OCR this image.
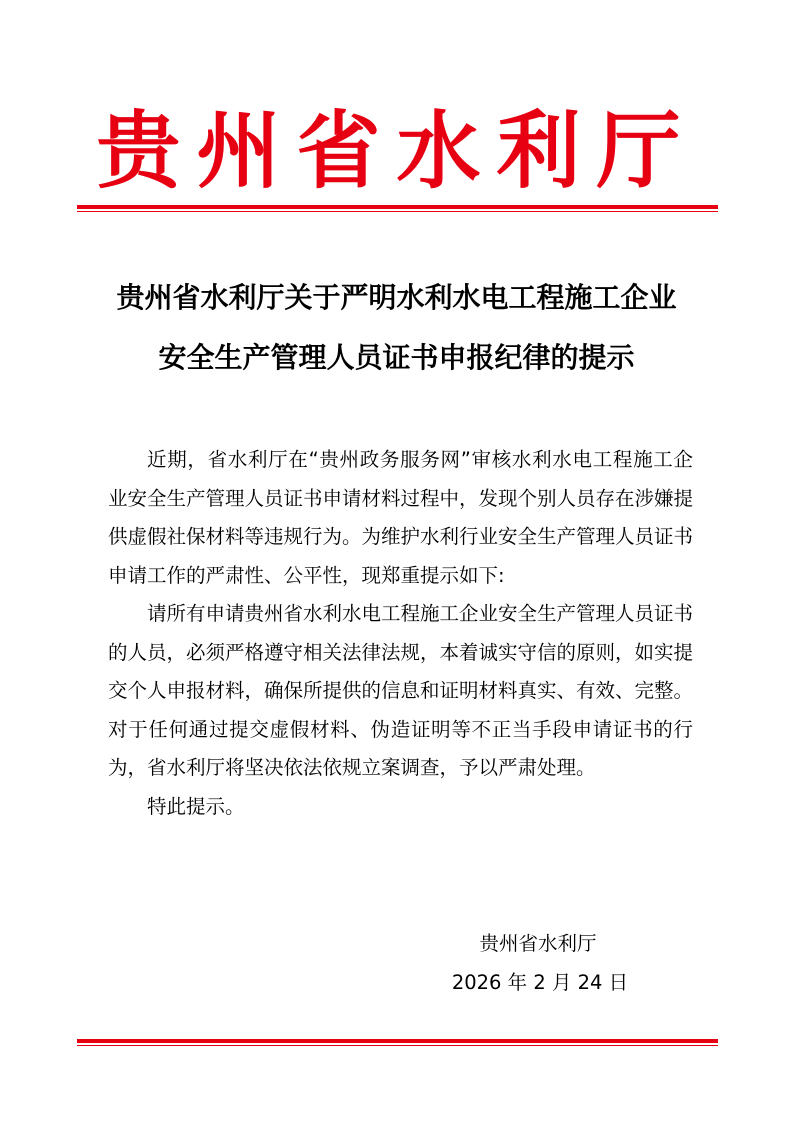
贵州省水利厅
贵州省水利厅关于严明水利水电工程施工企业
安全生产管理人员证书申报纪律的提示

近期，省水利厅在“贵州政务服务网”审核水利水电工程施工企业安全生产管理人员证书申请材料过程中，发现个别人员存在涉嫌提供虚假社保材料等违规行为。为维护水利行业安全生产管理人员证书申请工作的严肃性、公平性，现郑重提示如下:

请所有申请贵州省水利水电工程施工企业安全生产管理人员证书的人员，必须严格遵守相关法律法规，本着诚实守信的原则，如实提交个人申报材料，确保所提供的信息和证明材料真实、有效、完整。对于任何通过提交虚假材料、伪造证明等不正当手段申请证书的行为，省水利厅将坚决依法依规立案调查，予以严肃处理。

特此提示。

贵州省水利厅
2026 年 2 月 24 日
